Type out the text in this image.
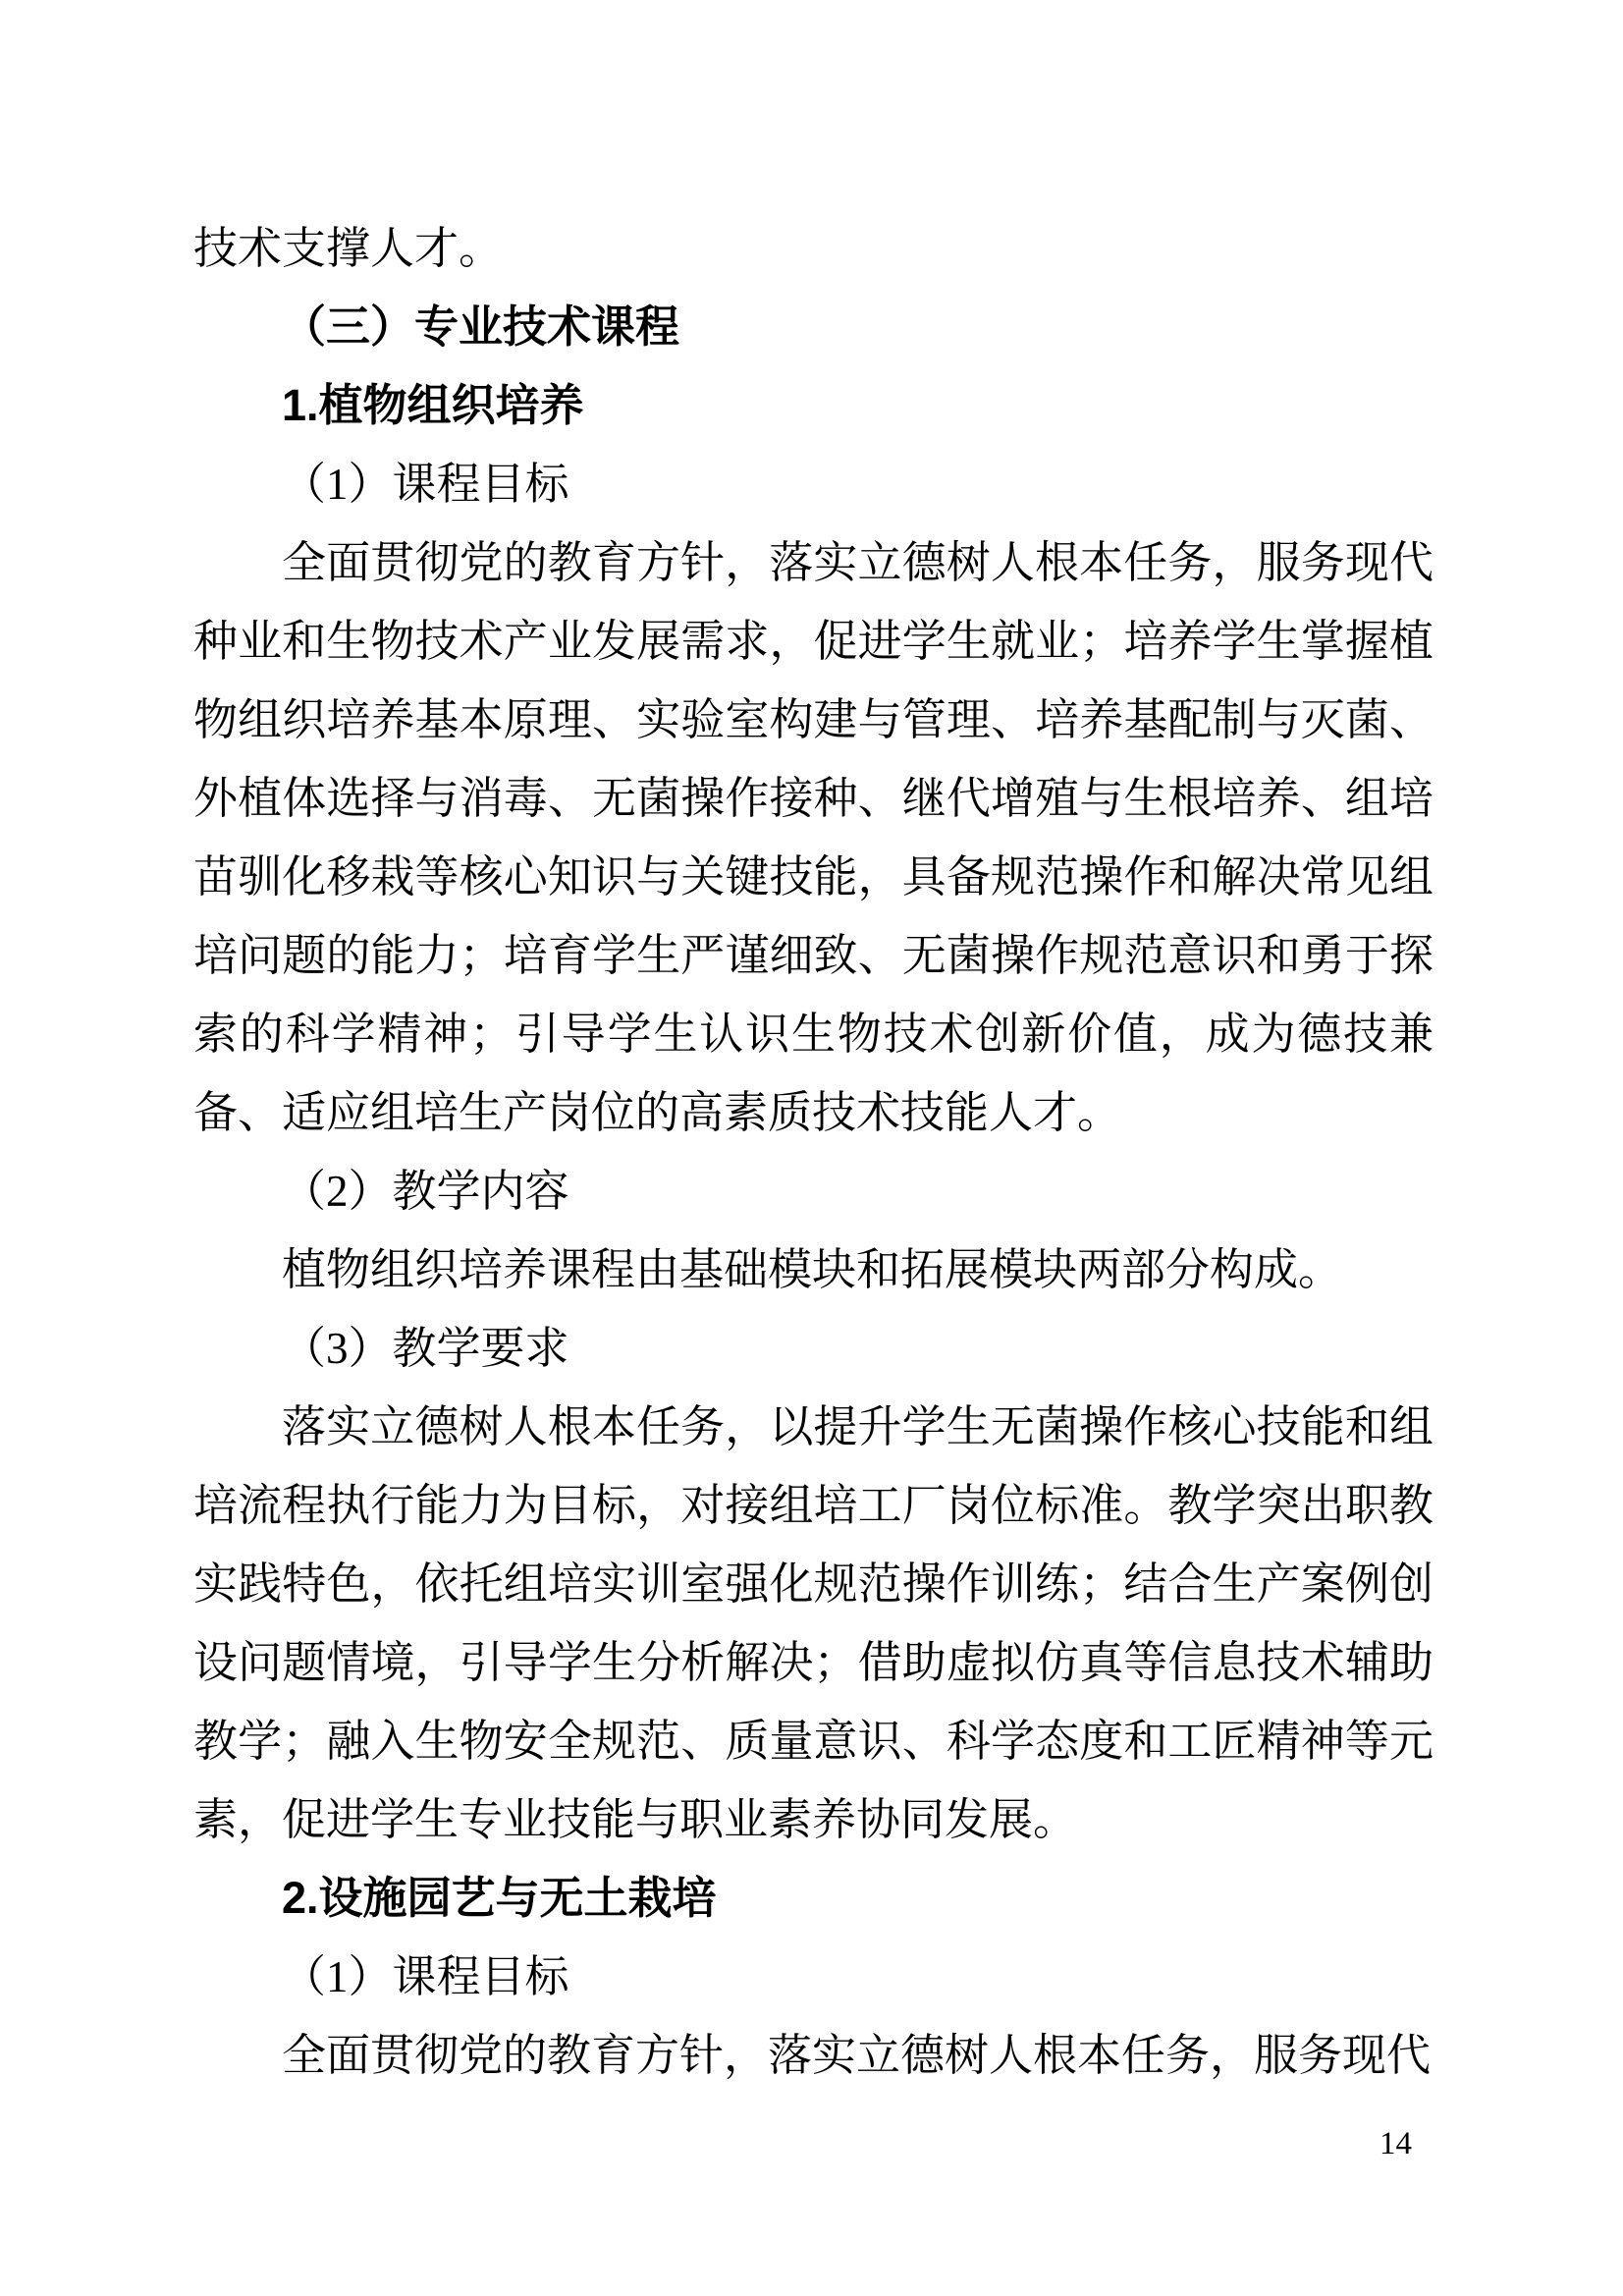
技术支撑人才。

（三）专业技术课程

1.植物组织培养

（1）课程目标

全面贯彻党的教育方针，落实立德树人根本任务，服务现代种业和生物技术产业发展需求，促进学生就业；培养学生掌握植物组织培养基本原理、实验室构建与管理、培养基配制与灭菌、外植体选择与消毒、无菌操作接种、继代增殖与生根培养、组培苗驯化移栽等核心知识与关键技能，具备规范操作和解决常见组培问题的能力；培育学生严谨细致、无菌操作规范意识和勇于探索的科学精神；引导学生认识生物技术创新价值，成为德技兼备、适应组培生产岗位的高素质技术技能人才。

（2）教学内容

植物组织培养课程由基础模块和拓展模块两部分构成。

（3）教学要求

落实立德树人根本任务，以提升学生无菌操作核心技能和组培流程执行能力为目标，对接组培工厂岗位标准。教学突出职教实践特色，依托组培实训室强化规范操作训练；结合生产案例创设问题情境，引导学生分析解决；借助虚拟仿真等信息技术辅助教学；融入生物安全规范、质量意识、科学态度和工匠精神等元素，促进学生专业技能与职业素养协同发展。

2.设施园艺与无土栽培

（1）课程目标

全面贯彻党的教育方针，落实立德树人根本任务，服务现代

14
